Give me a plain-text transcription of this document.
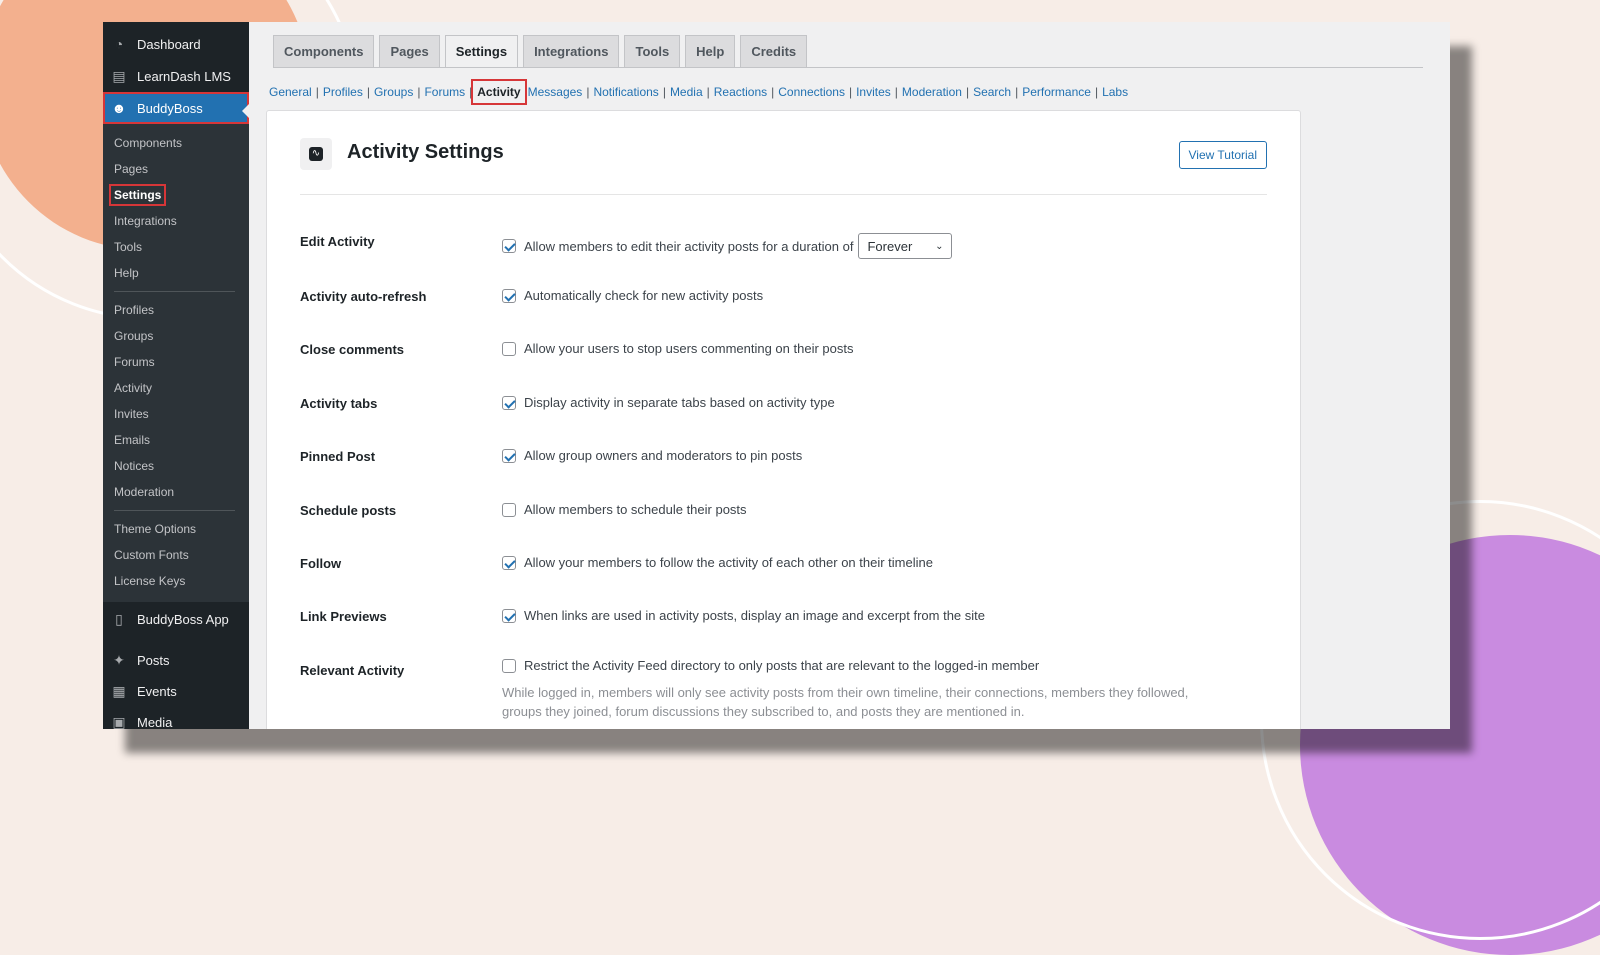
◔ Dashboard
▤ LearnDash LMS
☻ BuddyBoss
Components
Pages
Settings
Integrations
Tools
Help
Profiles
Groups
Forums
Activity
Invites
Emails
Notices
Moderation
Theme Options
Custom Fonts
License Keys
▯	BuddyBoss App
✦ Posts
▦ Events
▣ Media
Components	Pages	Settings	Integrations	Tools	Help	Credits
General | Profiles | Groups | Forums | Activity Messages | Notifications | Media | Reactions | Connections | Invites | Moderation | Search | Performance | Labs
∿ Activity Settings	View Tutorial
Edit Activity	Allow members to edit their activity posts for a duration of Forever ⌄
Activity auto-refresh	Automatically check for new activity posts
Close comments	Allow your users to stop users commenting on their posts
Activity tabs	Display activity in separate tabs based on activity type
Pinned Post	Allow group owners and moderators to pin posts
Schedule posts	Allow members to schedule their posts
Follow	Allow your members to follow the activity of each other on their timeline
Link Previews	When links are used in activity posts, display an image and excerpt from the site
Relevant Activity	Restrict the Activity Feed directory to only posts that are relevant to the logged-in member
While logged in, members will only see activity posts from their own timeline, their connections, members they followed, groups they joined, forum discussions they subscribed to, and posts they are mentioned in.
